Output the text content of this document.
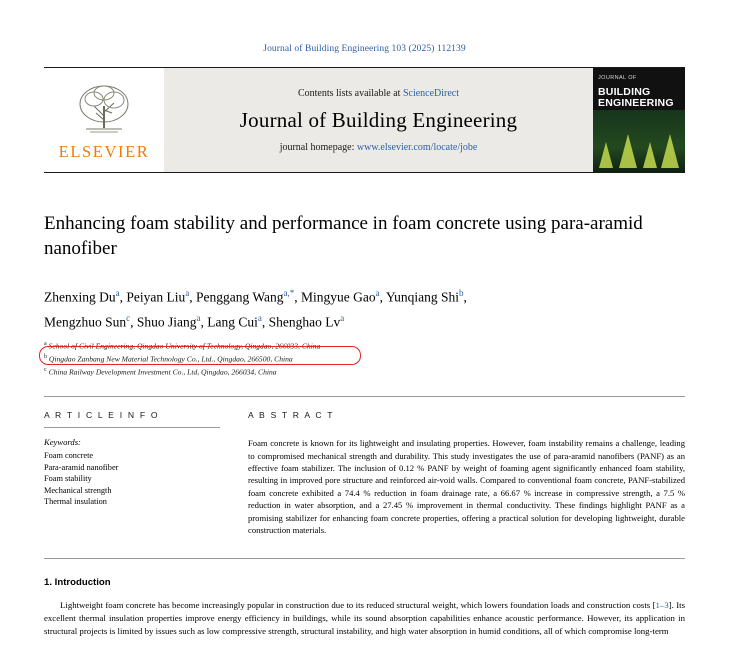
Journal of Building Engineering 103 (2025) 112139
ELSEVIER
Contents lists available at ScienceDirect
Journal of Building Engineering
journal homepage: www.elsevier.com/locate/jobe
JOURNAL OF
BUILDING
ENGINEERING
Enhancing foam stability and performance in foam concrete using para-aramid nanofiber
Zhenxing Du$^a$, Peiyan Liu$^a$, Penggang Wang$^{a,*}$, Mingyue Gao$^a$, Yunqiang Shi$^b$,
Mengzhuo Sun$^c$, Shuo Jiang$^a$, Lang Cui$^a$, Shenghao Lv$^a$
$^a$ School of Civil Engineering, Qingdao University of Technology, Qingdao, 266033, China
$^b$ Qingdao Zanbang New Material Technology Co., Ltd., Qingdao, 266500, China
$^c$ China Railway Development Investment Co., Ltd, Qingdao, 266034, China
A R T I C L E I N F O
Keywords:
Foam concrete
Para-aramid nanofiber
Foam stability
Mechanical strength
Thermal insulation
A B S T R A C T
Foam concrete is known for its lightweight and insulating properties. However, foam instability remains a challenge, leading to compromised mechanical strength and durability. This study investigates the use of para-aramid nanofibers (PANF) as an effective foam stabilizer. The inclusion of 0.12 % PANF by weight of foaming agent significantly enhanced foam stability, resulting in improved pore structure and reinforced air-void walls. Compared to conventional foam concrete, PANF-stabilized foam concrete exhibited a 74.4 % reduction in foam drainage rate, a 66.67 % increase in compressive strength, a 7.5 % reduction in water absorption, and a 27.45 % improvement in thermal conductivity. These findings highlight PANF as a promising stabilizer for enhancing foam concrete properties, offering a practical solution for developing lightweight, durable construction materials.
1. Introduction

Lightweight foam concrete has become increasingly popular in construction due to its reduced structural weight, which lowers foundation loads and construction costs [1–3]. Its excellent thermal insulation properties improve energy efficiency in buildings, while its sound absorption capabilities enhance acoustic performance. However, its application in structural projects is limited by issues such as low compressive strength, structural instability, and high water absorption in humid conditions, all of which compromise long-term
